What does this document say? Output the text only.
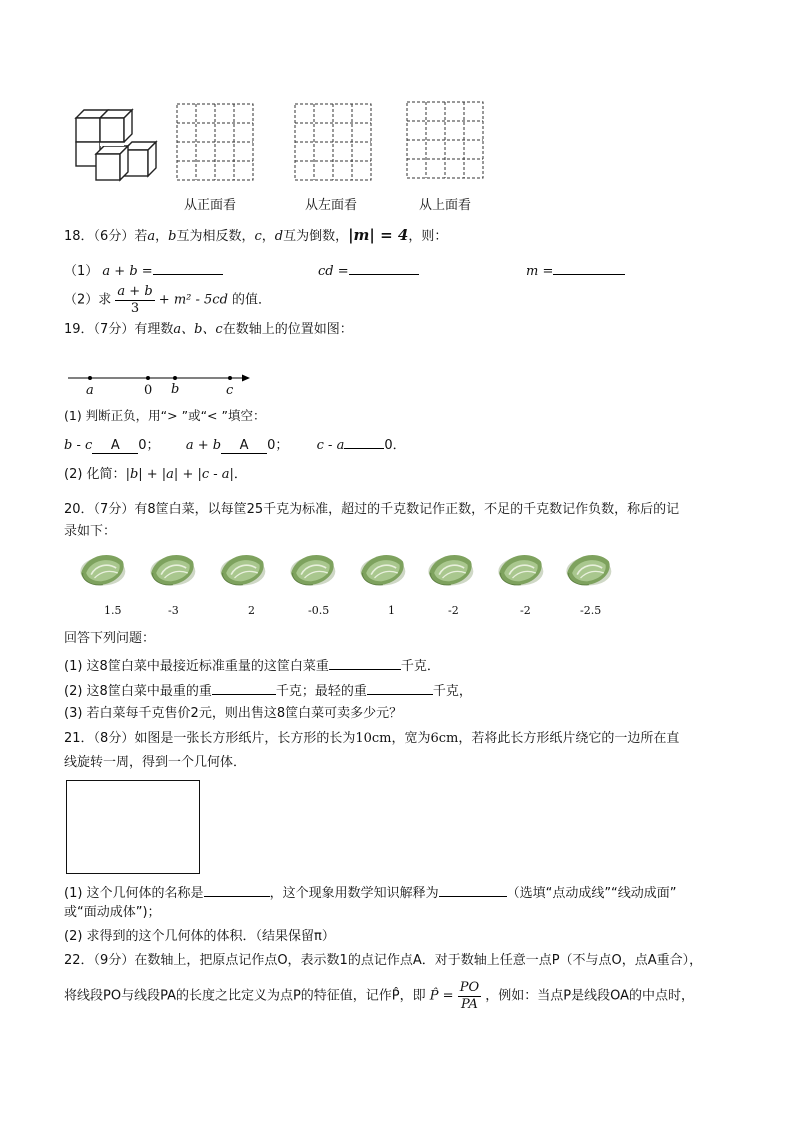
从正面看	从左面看	从上面看
18．（6分）若a，b互为相反数，c，d互为倒数，|m| = 4，则：
（1） a + b =	cd =	m =
（2）求 $\frac{a + b}{3} + m^2 - 5cd$ 的值．
19．（7分）有理数a、b、c在数轴上的位置如图：
a	0 b	c
(1) 判断正负，用“> ”或“< ”填空：
b - c A 0； a + b A 0； c - a	0．
(2) 化简：|b| + |a| + |c - a|．
20．（7分）有8筐白菜，以每筐25千克为标准，超过的千克数记作正数，不足的千克数记作负数，称后的记
录如下：
1.5	-3	2	-0.5	1	-2	-2	-2.5
回答下列问题：
(1) 这8筐白菜中最接近标准重量的这筐白菜重	千克．
(2) 这8筐白菜中最重的重	千克；最轻的重	千克，
(3) 若白菜每千克售价2元，则出售这8筐白菜可卖多少元？
21．（8分）如图是一张长方形纸片，长方形的长为10cm，宽为6cm，若将此长方形纸片绕它的一边所在直
线旋转一周，得到一个几何体．
(1) 这个几何体的名称是	，这个现象用数学知识解释为	（选填“点动成线”“线动成面”
或“面动成体”)；
(2) 求得到的这个几何体的体积．（结果保留π）
22．（9分）在数轴上，把原点记作点O，表示数1的点记作点A．对于数轴上任意一点P（不与点O，点A重合），
将线段PO与线段PA的长度之比定义为点P的特征值，记作P̂，即 P̂ = $\frac{PO}{PA}$ ，例如：当点P是线段OA的中点时，
